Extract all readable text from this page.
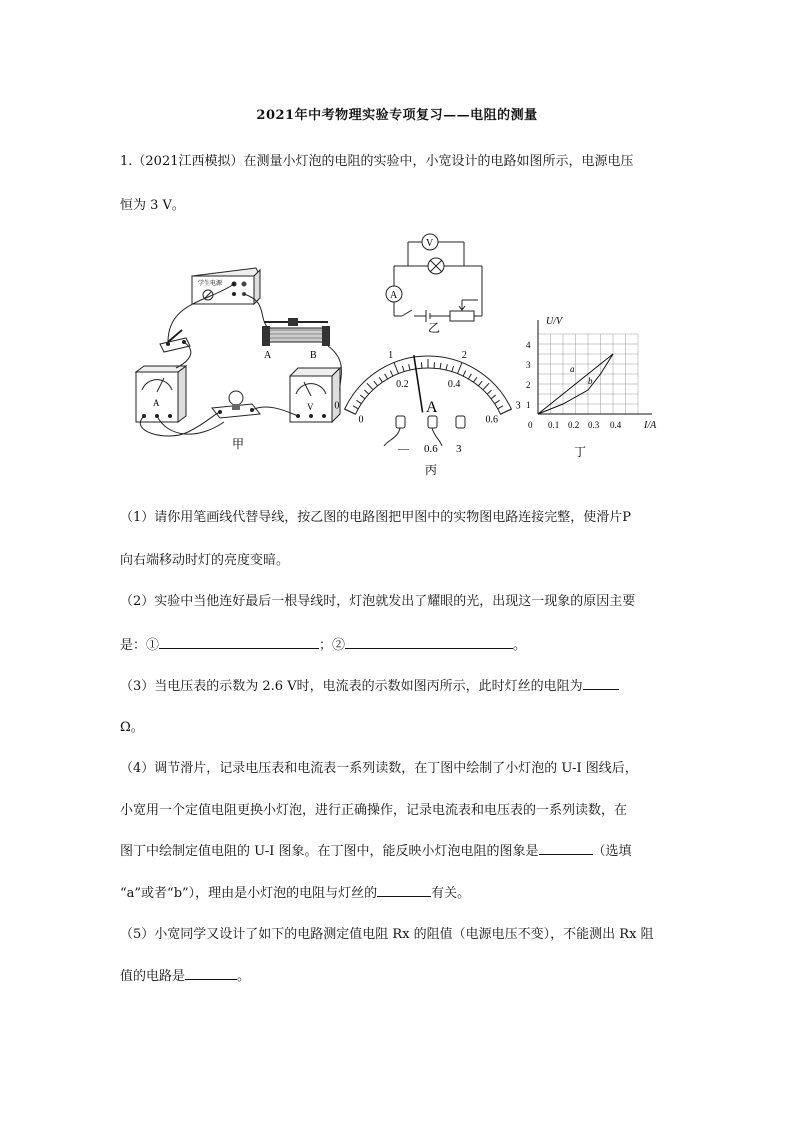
2021年中考物理实验专项复习——电阻的测量
1.（2021江西模拟）在测量小灯泡的电阻的实验中，小宽设计的电路如图所示，电源电压
恒为 3 V。
学生电源
A	B
A	V
甲
V
A
乙
0
1	2
3
0
0.2	0.4
0.6
A
— 0.6 3
丙
U/V
I/A
4
3
2
1
0 0.1 0.2 0.3 0.4
a
b
丁
（1）请你用笔画线代替导线，按乙图的电路图把甲图中的实物图电路连接完整，使滑片P
向右端移动时灯的亮度变暗。
（2）实验中当他连好最后一根导线时，灯泡就发出了耀眼的光，出现这一现象的原因主要
是：①	；②	。
（3）当电压表的示数为 2.6 V时，电流表的示数如图丙所示，此时灯丝的电阻为
Ω。
（4）调节滑片，记录电压表和电流表一系列读数，在丁图中绘制了小灯泡的 U-I 图线后，
小宽用一个定值电阻更换小灯泡，进行正确操作，记录电流表和电压表的一系列读数，在
图丁中绘制定值电阻的 U-I 图象。在丁图中，能反映小灯泡电阻的图象是	（选填
“a”或者“b”），理由是小灯泡的电阻与灯丝的	有关。
（5）小宽同学又设计了如下的电路测定值电阻 Rx 的阻值（电源电压不变），不能测出 Rx 阻
值的电路是	。
